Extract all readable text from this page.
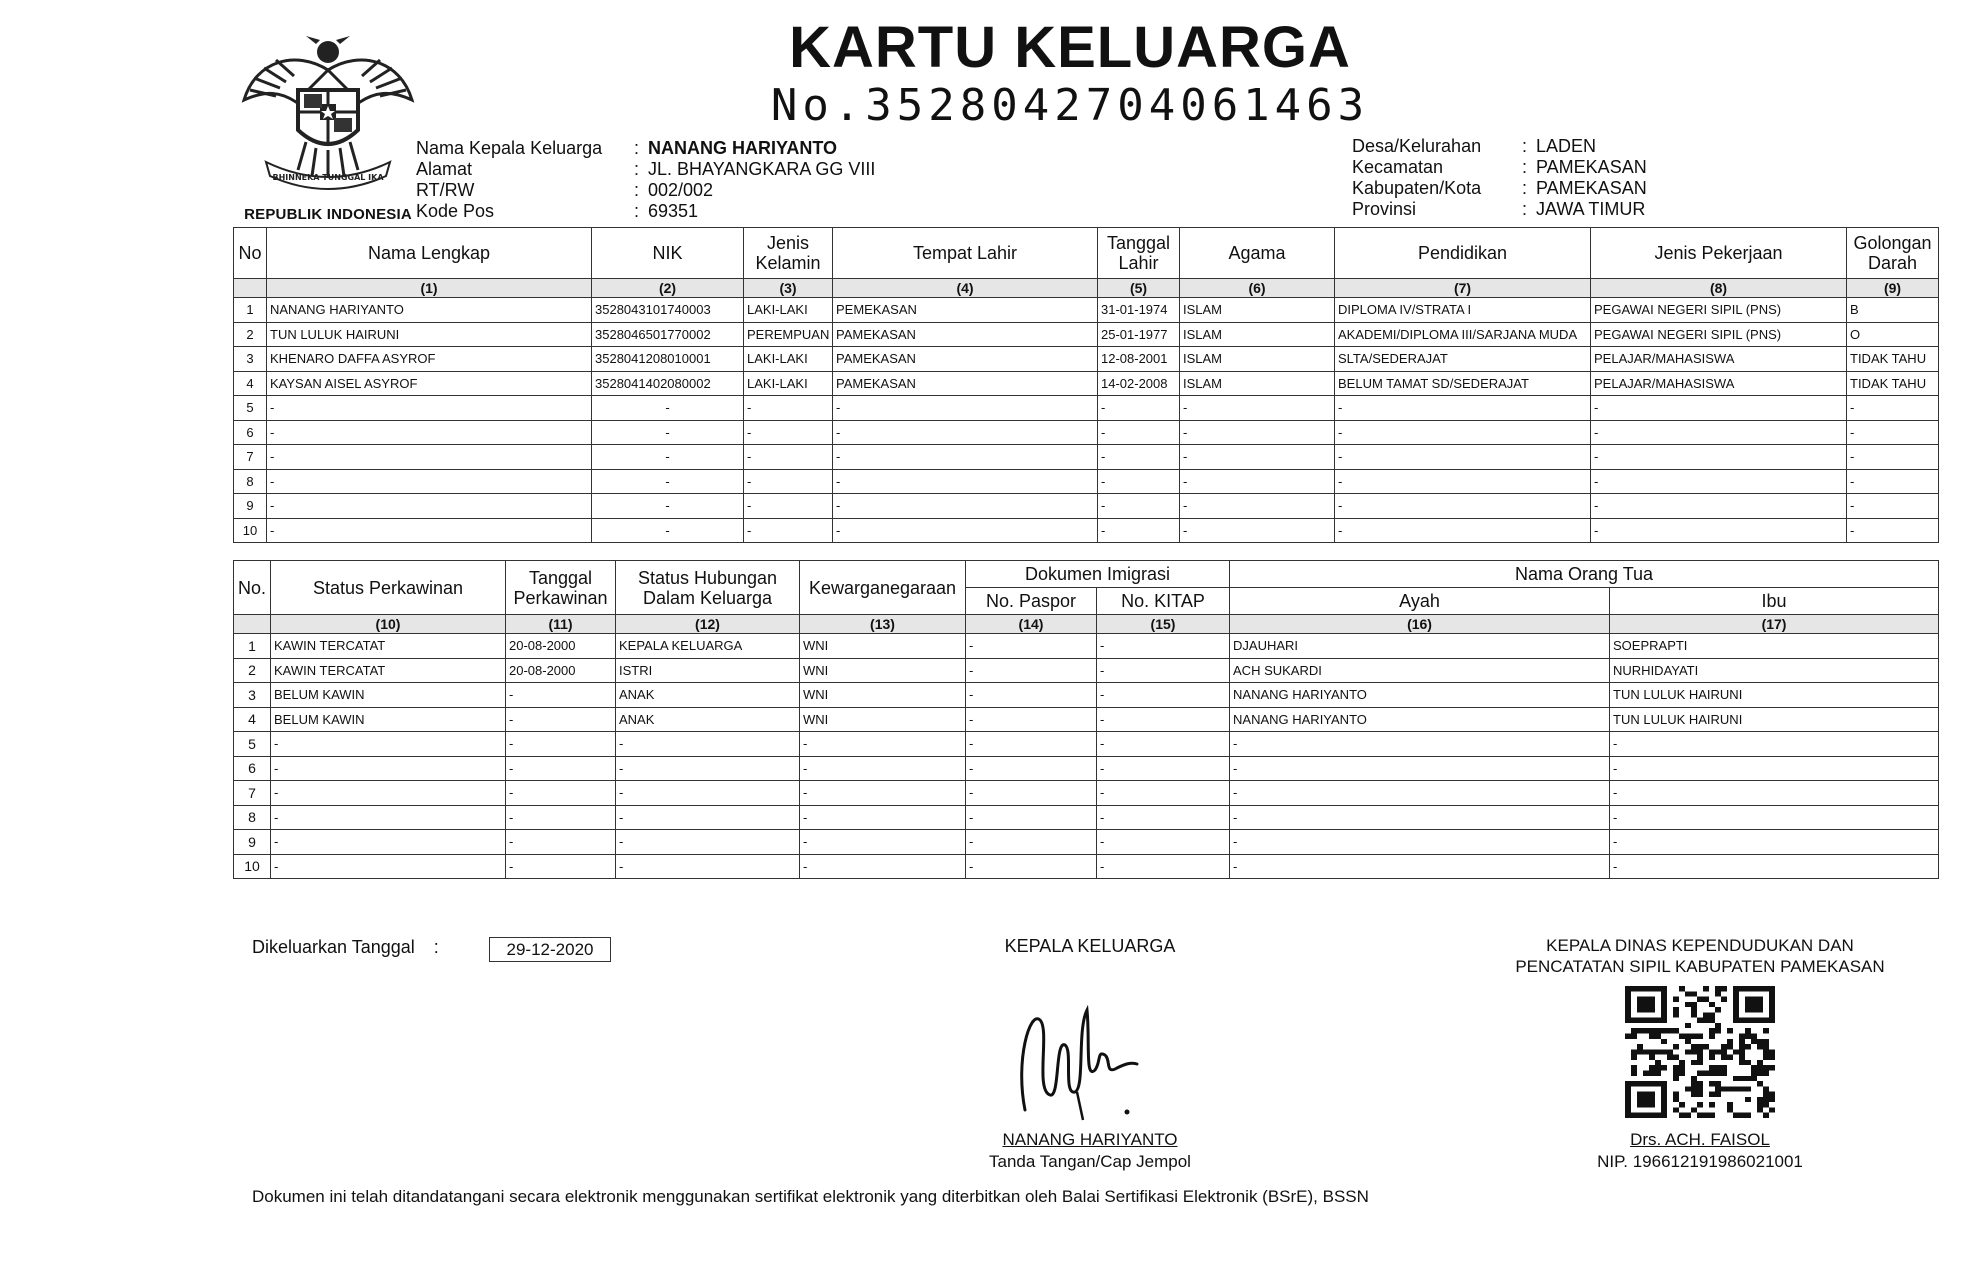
BHINNEKA TUNGGAL IKA
REPUBLIK INDONESIA
KARTU KELUARGA
No.3528042704061463
Nama Kepala Keluarga	: NANANG HARIYANTO
Alamat	: JL. BHAYANGKARA GG VIII
RT/RW	: 002/002
Kode Pos	: 69351
Desa/Kelurahan	: LADEN
Kecamatan	: PAMEKASAN
Kabupaten/Kota	: PAMEKASAN
Provinsi	: JAWA TIMUR
No	Nama Lengkap	NIK	Jenis Kelamin	Tempat Lahir	Tanggal Lahir	Agama	Pendidikan	Jenis Pekerjaan	Golongan Darah
	(1)	(2)	(3)	(4)	(5)	(6)	(7)	(8)	(9)
1	NANANG HARIYANTO	3528043101740003	LAKI-LAKI	PEMEKASAN	31-01-1974	ISLAM	DIPLOMA IV/STRATA I	PEGAWAI NEGERI SIPIL (PNS)	B
2	TUN LULUK HAIRUNI	3528046501770002	PEREMPUAN	PAMEKASAN	25-01-1977	ISLAM	AKADEMI/DIPLOMA III/SARJANA MUDA	PEGAWAI NEGERI SIPIL (PNS)	O
3	KHENARO DAFFA ASYROF	3528041208010001	LAKI-LAKI	PAMEKASAN	12-08-2001	ISLAM	SLTA/SEDERAJAT	PELAJAR/MAHASISWA	TIDAK TAHU
4	KAYSAN AISEL ASYROF	3528041402080002	LAKI-LAKI	PAMEKASAN	14-02-2008	ISLAM	BELUM TAMAT SD/SEDERAJAT	PELAJAR/MAHASISWA	TIDAK TAHU
5	-	-	-	-	-	-	-	-	-
6	-	-	-	-	-	-	-	-	-
7	-	-	-	-	-	-	-	-	-
8	-	-	-	-	-	-	-	-	-
9	-	-	-	-	-	-	-	-	-
10	-	-	-	-	-	-	-	-	-
No.	Status Perkawinan	Tanggal Perkawinan	Status Hubungan Dalam Keluarga	Kewarganegaraan	Dokumen Imigrasi		Nama Orang Tua	
					No. Paspor	No. KITAP	Ayah	Ibu
	(10)	(11)	(12)	(13)	(14)	(15)	(16)	(17)
1	KAWIN TERCATAT	20-08-2000	KEPALA KELUARGA	WNI	-	-	DJAUHARI	SOEPRAPTI
2	KAWIN TERCATAT	20-08-2000	ISTRI	WNI	-	-	ACH SUKARDI	NURHIDAYATI
3	BELUM KAWIN	-	ANAK	WNI	-	-	NANANG HARIYANTO	TUN LULUK HAIRUNI
4	BELUM KAWIN	-	ANAK	WNI	-	-	NANANG HARIYANTO	TUN LULUK HAIRUNI
5	-	-	-	-	-	-	-	-
6	-	-	-	-	-	-	-	-
7	-	-	-	-	-	-	-	-
8	-	-	-	-	-	-	-	-
9	-	-	-	-	-	-	-	-
10	-	-	-	-	-	-	-	-
Dikeluarkan Tanggal :	29-12-2020	KEPALA KELUARGA
NANANG HARIYANTO
Tanda Tangan/Cap Jempol
KEPALA DINAS KEPENDUDUKAN DAN
PENCATATAN SIPIL KABUPATEN PAMEKASAN
Drs. ACH. FAISOL
NIP. 196612191986021001
Dokumen ini telah ditandatangani secara elektronik menggunakan sertifikat elektronik yang diterbitkan oleh Balai Sertifikasi Elektronik (BSrE), BSSN
